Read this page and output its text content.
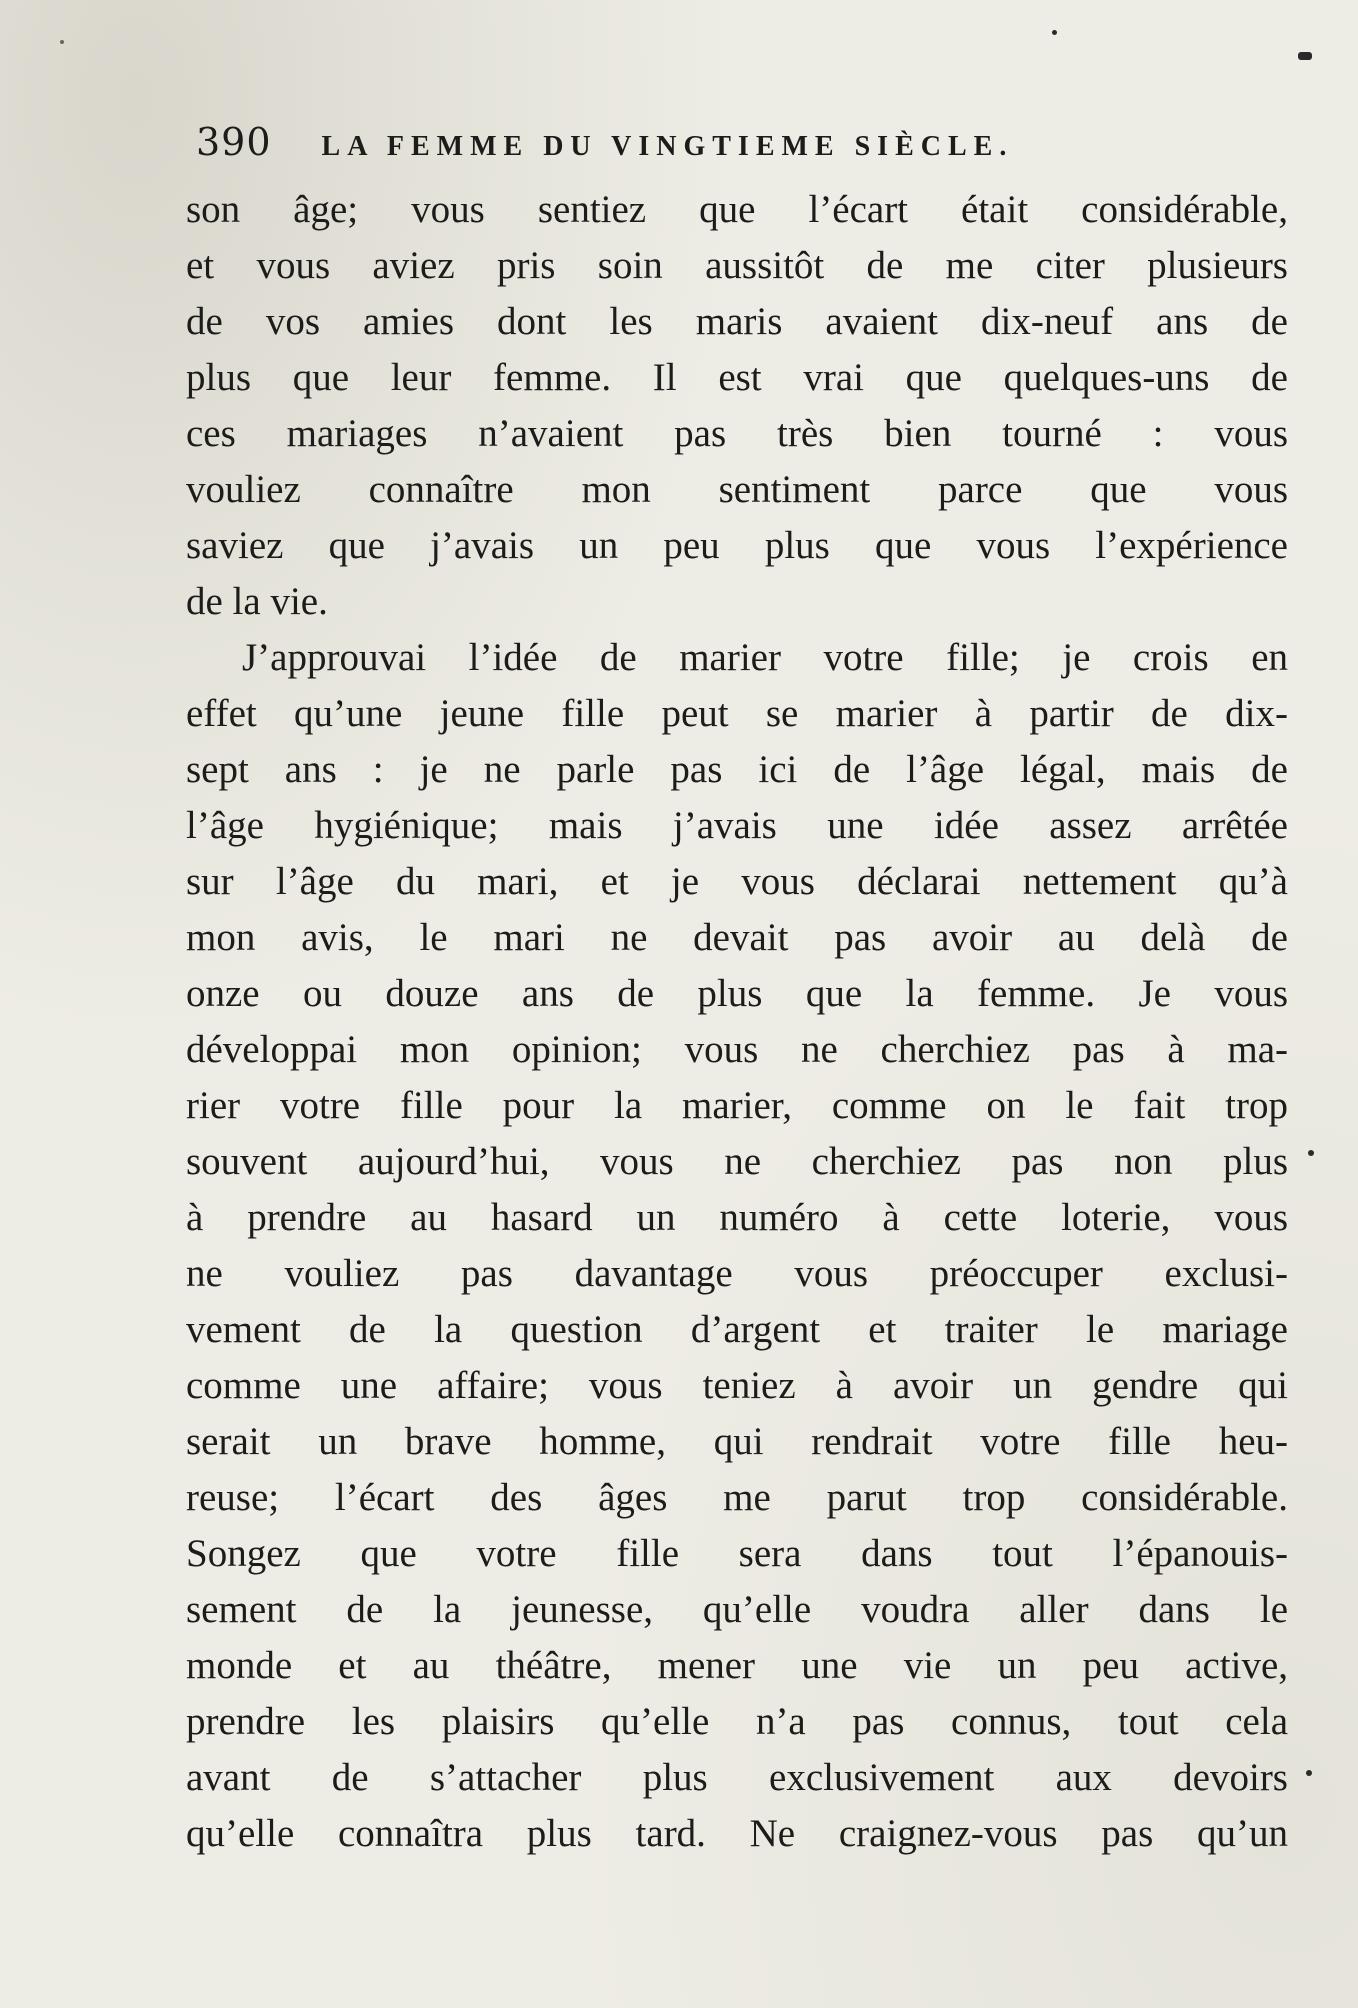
390 LA FEMME DU VINGTIEME SIÈCLE.
son âge; vous sentiez que l’écart était considérable,
et vous aviez pris soin aussitôt de me citer plusieurs
de vos amies dont les maris avaient dix-neuf ans de
plus que leur femme. Il est vrai que quelques-uns de
ces mariages n’avaient pas très bien tourné : vous
vouliez connaître mon sentiment parce que vous
saviez que j’avais un peu plus que vous l’expérience
de la vie.
J’approuvai l’idée de marier votre fille; je crois en
effet qu’une jeune fille peut se marier à partir de dix-
sept ans : je ne parle pas ici de l’âge légal, mais de
l’âge hygiénique; mais j’avais une idée assez arrêtée
sur l’âge du mari, et je vous déclarai nettement qu’à
mon avis, le mari ne devait pas avoir au delà de
onze ou douze ans de plus que la femme. Je vous
développai mon opinion; vous ne cherchiez pas à ma-
rier votre fille pour la marier, comme on le fait trop
souvent aujourd’hui, vous ne cherchiez pas non plus
à prendre au hasard un numéro à cette loterie, vous
ne vouliez pas davantage vous préoccuper exclusi-
vement de la question d’argent et traiter le mariage
comme une affaire; vous teniez à avoir un gendre qui
serait un brave homme, qui rendrait votre fille heu-
reuse; l’écart des âges me parut trop considérable.
Songez que votre fille sera dans tout l’épanouis-
sement de la jeunesse, qu’elle voudra aller dans le
monde et au théâtre, mener une vie un peu active,
prendre les plaisirs qu’elle n’a pas connus, tout cela
avant de s’attacher plus exclusivement aux devoirs
qu’elle connaîtra plus tard. Ne craignez-vous pas qu’un
